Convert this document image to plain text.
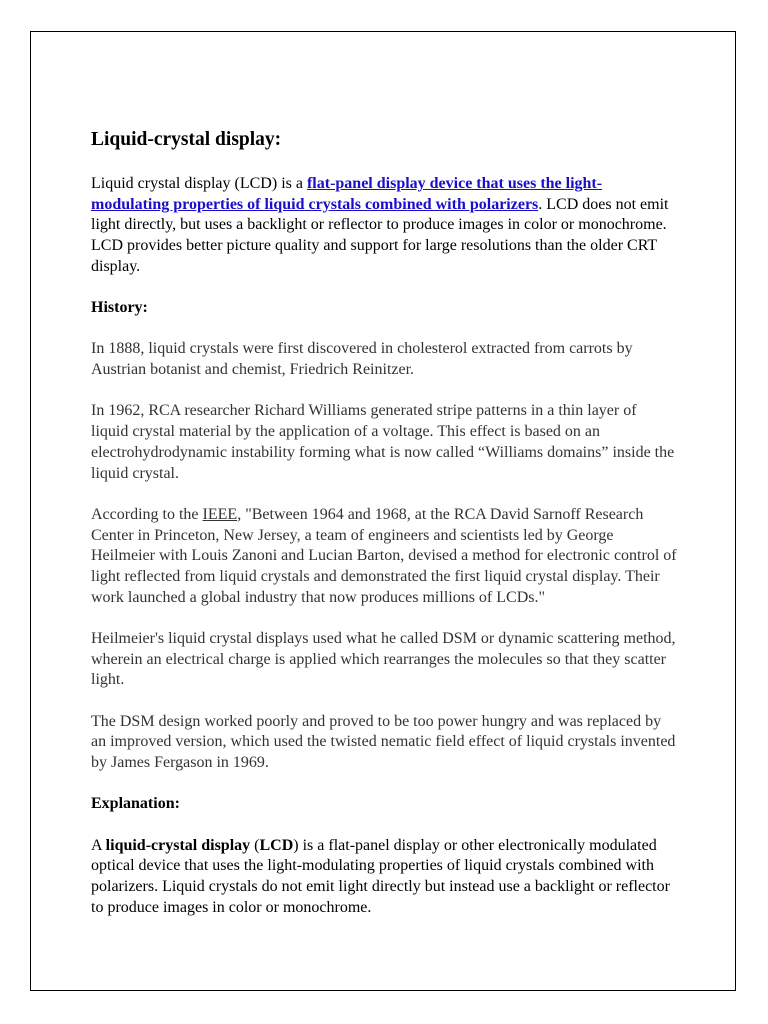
Liquid-crystal display:

Liquid crystal display (LCD) is a flat-panel display device that uses the light-modulating properties of liquid crystals combined with polarizers. LCD does not emit light directly, but uses a backlight or reflector to produce images in color or monochrome. LCD provides better picture quality and support for large resolutions than the older CRT display.

History:

In 1888, liquid crystals were first discovered in cholesterol extracted from carrots by Austrian botanist and chemist, Friedrich Reinitzer.

In 1962, RCA researcher Richard Williams generated stripe patterns in a thin layer of liquid crystal material by the application of a voltage. This effect is based on an electrohydrodynamic instability forming what is now called “Williams domains” inside the liquid crystal.

According to the IEEE, "Between 1964 and 1968, at the RCA David Sarnoff Research Center in Princeton, New Jersey, a team of engineers and scientists led by George Heilmeier with Louis Zanoni and Lucian Barton, devised a method for electronic control of light reflected from liquid crystals and demonstrated the first liquid crystal display. Their work launched a global industry that now produces millions of LCDs."

Heilmeier's liquid crystal displays used what he called DSM or dynamic scattering method, wherein an electrical charge is applied which rearranges the molecules so that they scatter light.

The DSM design worked poorly and proved to be too power hungry and was replaced by an improved version, which used the twisted nematic field effect of liquid crystals invented by James Fergason in 1969.

Explanation:

A liquid-crystal display (LCD) is a flat-panel display or other electronically modulated optical device that uses the light-modulating properties of liquid crystals combined with polarizers. Liquid crystals do not emit light directly but instead use a backlight or reflector to produce images in color or monochrome.
